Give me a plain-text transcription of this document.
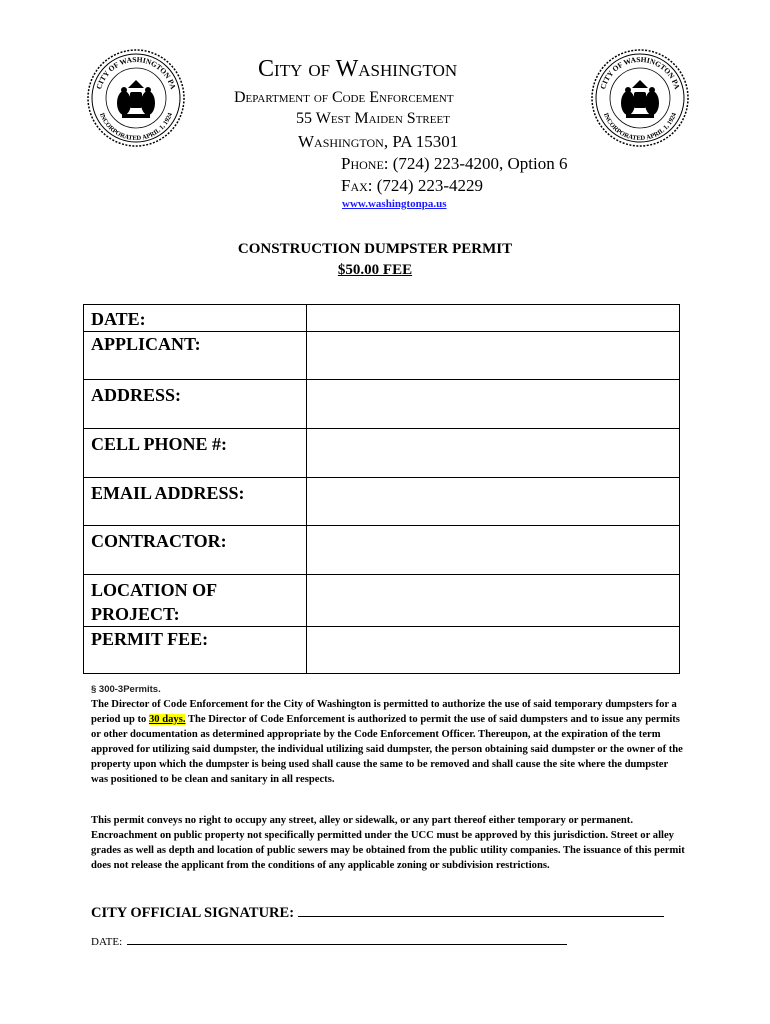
CITY OF WASHINGTON PA
INCORPORATED APRIL 1, 1924
CITY OF WASHINGTON PA
INCORPORATED APRIL 1, 1924
City of Washington
Department of Code Enforcement
55 West Maiden Street
Washington, PA 15301
Phone: (724) 223-4200, Option 6
Fax: (724) 223-4229
www.washingtonpa.us
CONSTRUCTION DUMPSTER PERMIT
$50.00 FEE
DATE:	
APPLICANT:	
ADDRESS:	
CELL PHONE #:	
EMAIL ADDRESS:	
CONTRACTOR:	
LOCATION OF PROJECT:	
PERMIT FEE:	
§ 300-3Permits.
The Director of Code Enforcement for the City of Washington is permitted to authorize the use of said temporary dumpsters for a period up to 30 days. The Director of Code Enforcement is authorized to permit the use of said dumpsters and to issue any permits or other documentation as determined appropriate by the Code Enforcement Officer. Thereupon, at the expiration of the term approved for utilizing said dumpster, the individual utilizing said dumpster, the person obtaining said dumpster or the owner of the property upon which the dumpster is being used shall cause the same to be removed and shall cause the site where the dumpster was positioned to be clean and sanitary in all respects.
This permit conveys no right to occupy any street, alley or sidewalk, or any part thereof either temporary or permanent. Encroachment on public property not specifically permitted under the UCC must be approved by this jurisdiction. Street or alley grades as well as depth and location of public sewers may be obtained from the public utility companies. The issuance of this permit does not release the applicant from the conditions of any applicable zoning or subdivision restrictions.
CITY OFFICIAL SIGNATURE:
DATE:
